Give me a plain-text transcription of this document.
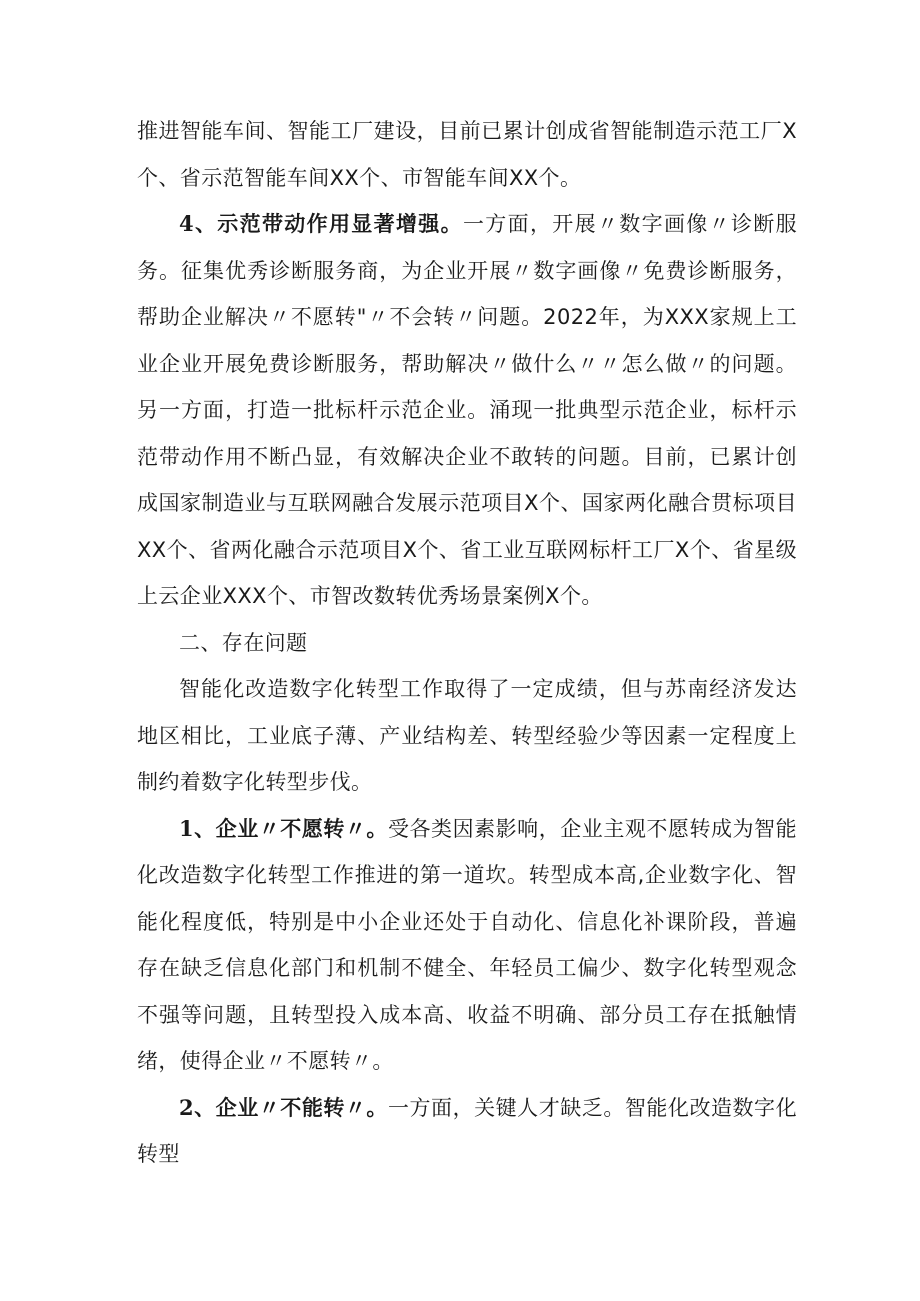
推进智能车间、智能工厂建设，目前已累计创成省智能制造示范工厂X个、省示范智能车间XX个、市智能车间XX个。

4、示范带动作用显著增强。一方面，开展〃数字画像〃诊断服务。征集优秀诊断服务商，为企业开展〃数字画像〃免费诊断服务，帮助企业解决〃不愿转"〃不会转〃问题。2022年，为XXX家规上工业企业开展免费诊断服务，帮助解决〃做什么〃〃怎么做〃的问题。另一方面，打造一批标杆示范企业。涌现一批典型示范企业，标杆示范带动作用不断凸显，有效解决企业不敢转的问题。目前，已累计创成国家制造业与互联网融合发展示范项目X个、国家两化融合贯标项目XX个、省两化融合示范项目X个、省工业互联网标杆工厂X个、省星级上云企业XXX个、市智改数转优秀场景案例X个。

二、存在问题

智能化改造数字化转型工作取得了一定成绩，但与苏南经济发达地区相比，工业底子薄、产业结构差、转型经验少等因素一定程度上制约着数字化转型步伐。

1、企业〃不愿转〃。受各类因素影响，企业主观不愿转成为智能化改造数字化转型工作推进的第一道坎。转型成本高,企业数字化、智能化程度低，特别是中小企业还处于自动化、信息化补课阶段，普遍存在缺乏信息化部门和机制不健全、年轻员工偏少、数字化转型观念不强等问题，且转型投入成本高、收益不明确、部分员工存在抵触情绪，使得企业〃不愿转〃。

2、企业〃不能转〃。一方面，关键人才缺乏。智能化改造数字化转型
